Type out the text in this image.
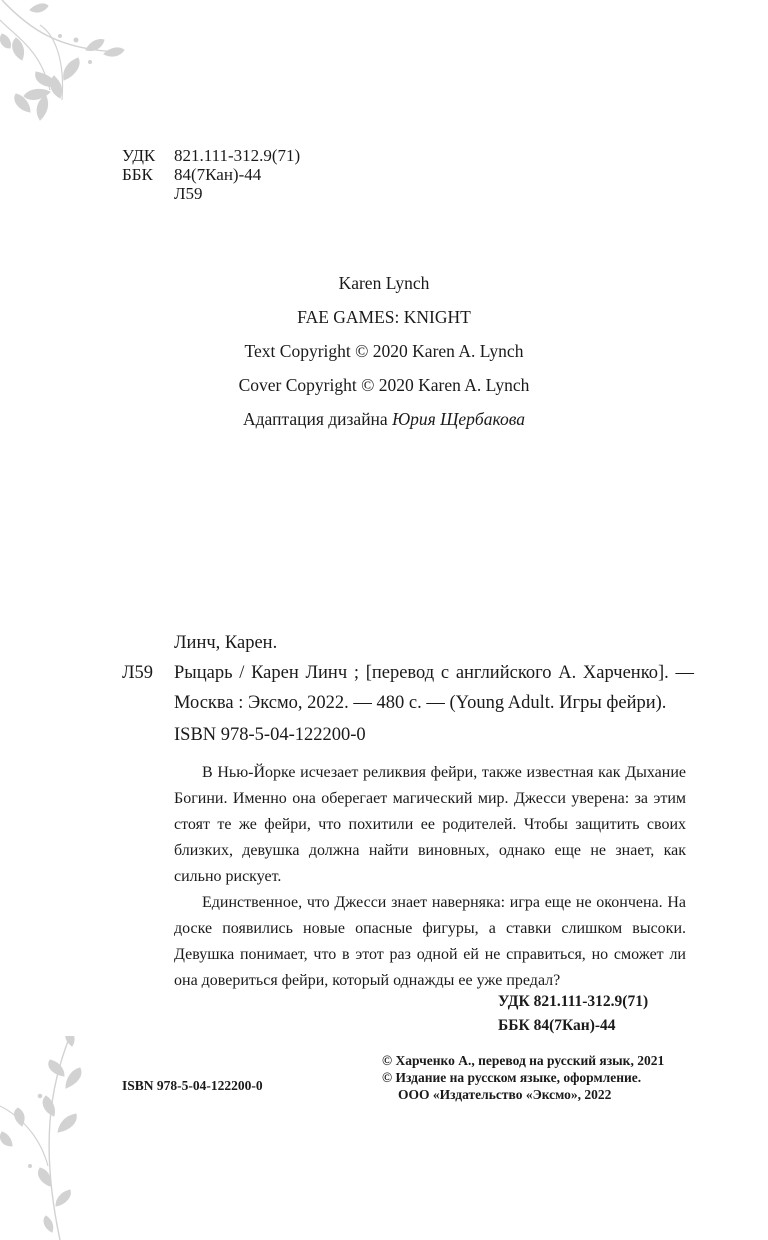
УДК	821.111-312.9(71)
ББК	84(7Кан)-44
Л59
Karen Lynch
FAE GAMES: KNIGHT
Text Copyright © 2020 Karen A. Lynch
Cover Copyright © 2020 Karen A. Lynch
Адаптация дизайна Юрия Щербакова
Линч, Карен.
Л59	Рыцарь / Карен Линч ; [перевод с английского А. Харченко]. — Москва : Эксмо, 2022. — 480 с. — (Young Adult. Игры фейри).
ISBN 978-5-04-122200-0

В Нью-Йорке исчезает реликвия фейри, также известная как Дыхание Богини. Именно она оберегает магический мир. Джесси уверена: за этим стоят те же фейри, что похитили ее родителей. Чтобы защитить своих близких, девушка должна найти виновных, однако еще не знает, как сильно рискует.

Единственное, что Джесси знает наверняка: игра еще не окончена. На доске появились новые опасные фигуры, а ставки слишком высоки. Девушка понимает, что в этот раз одной ей не справиться, но сможет ли она довериться фейри, который однажды ее уже предал?

УДК 821.111-312.9(71)
ББК 84(7Кан)-44
© Харченко А., перевод на русский язык, 2021
© Издание на русском языке, оформление.
ООО «Издательство «Эксмо», 2022
ISBN 978-5-04-122200-0
